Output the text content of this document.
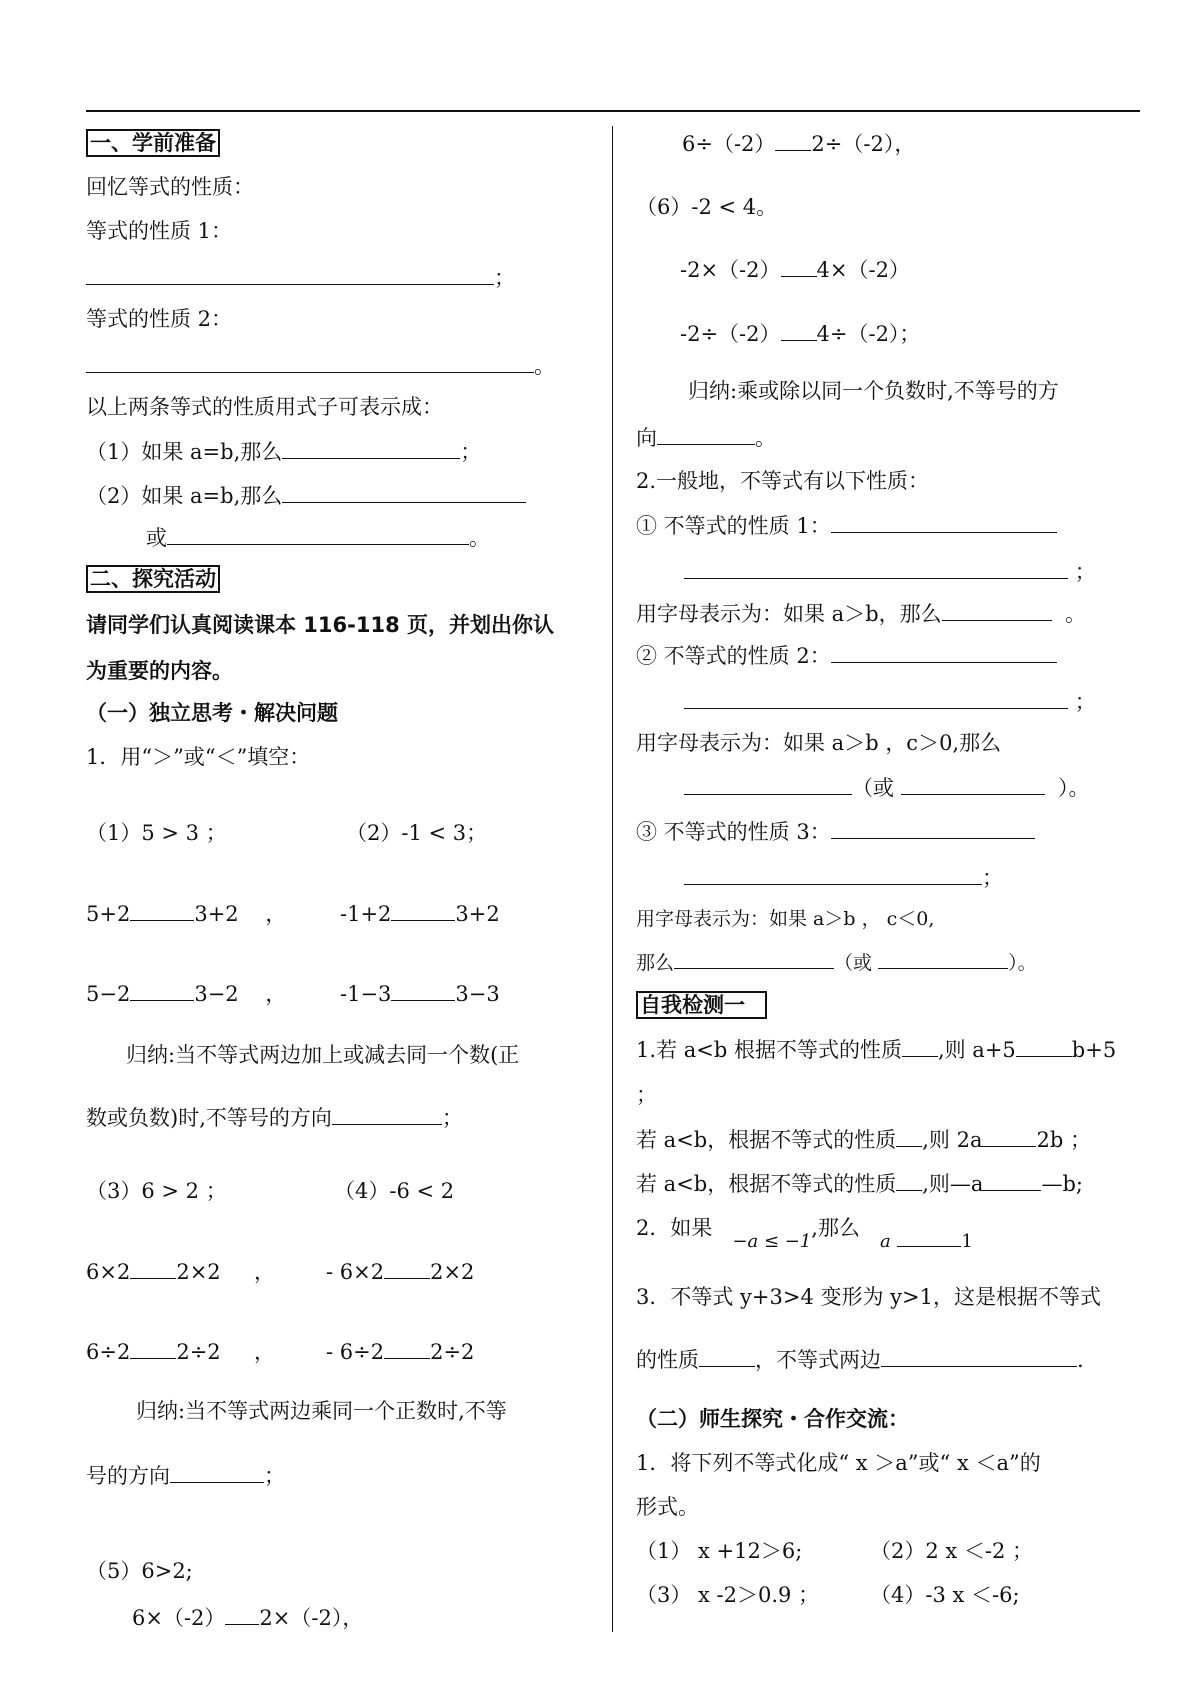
一、学前准备
回忆等式的性质：
等式的性质 1：
；
等式的性质 2：
。
以上两条等式的性质用式子可表示成：
（1）如果 a=b,那么	；
（2）如果 a=b,那么
或	。
二、探究活动
请同学们认真阅读课本 116-118 页，并划出你认
为重要的内容。
（一）独立思考・解决问题
1．用“＞”或“＜”填空：
（1）5 > 3 ；	（2）-1 < 3；
5+2	3+2 ，	-1+2	3+2
5−2	3−2 ，	-1−3	3−3
归纳:当不等式两边加上或减去同一个数(正
数或负数)时,不等号的方向	；
（3）6 > 2 ；	（4）-6 < 2
6×2 2×2 ， - 6×2 2×2
6÷2 2÷2 ， - 6÷2 2÷2
归纳:当不等式两边乘同一个正数时,不等
号的方向	；
（5）6>2;
6×（-2） 2×（-2），
6÷（-2） 2÷（-2），
（6）-2 < 4。
-2×（-2） 4×（-2）
-2÷（-2） 4÷（-2）；
归纳:乘或除以同一个负数时,不等号的方
向	。
2.一般地，不等式有以下性质：
① 不等式的性质 1：
；
用字母表示为：如果 a＞b，那么	。
② 不等式的性质 2：
；
用字母表示为：如果 a＞b ，c＞0,那么
（或	）。
③ 不等式的性质 3：
；
用字母表示为：如果 a＞b ， c＜0,
那么	（或	）。
自我检测一
1.若 a<b 根据不等式的性质 ,则 a+5	b+5
；
若 a<b，根据不等式的性质 ,则 2a	2b ；
若 a<b，根据不等式的性质 ,则—a	—b;
2．如果   −a ≤ −1,那么   a	1
3．不等式 y+3>4 变形为 y>1，这是根据不等式
的性质	，不等式两边	.
（二）师生探究・合作交流：
1．将下列不等式化成“ x ＞a”或“ x ＜a”的
形式。
（1） x +12＞6;	（2）2 x ＜-2 ；
（3） x -2＞0.9 ； （4）-3 x ＜-6;
